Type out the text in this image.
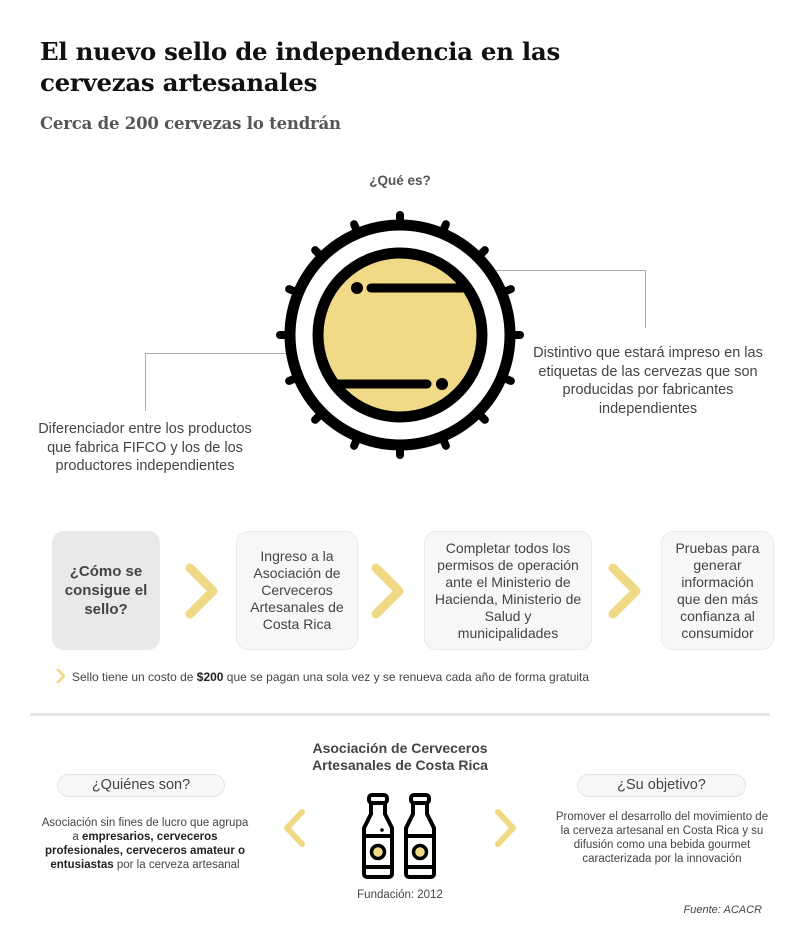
El nuevo sello de independencia en las cervezas artesanales
Cerca de 200 cervezas lo tendrán
¿Qué es?
Diferenciador entre los productos que fabrica FIFCO y los de los productores independientes
Distintivo que estará impreso en las etiquetas de las cervezas que son producidas por fabricantes independientes
¿Cómo se consigue el sello?
Ingreso a la Asociación de Cerveceros Artesanales de Costa Rica
Completar todos los permisos de operación ante el Ministerio de Hacienda, Ministerio de Salud y municipalidades
Pruebas para generar información que den más confianza al consumidor
Sello tiene un costo de $200 que se pagan una sola vez y se renueva cada año de forma gratuita
Asociación de Cerveceros Artesanales de Costa Rica
¿Quiénes son?
Asociación sin fines de lucro que agrupa a empresarios, cerveceros profesionales, cerveceros amateur o entusiastas por la cerveza artesanal
Fundación: 2012
¿Su objetivo?
Promover el desarrollo del movimiento de la cerveza artesanal en Costa Rica y su difusión como una bebida gourmet caracterizada por la innovación
Fuente: ACACR
